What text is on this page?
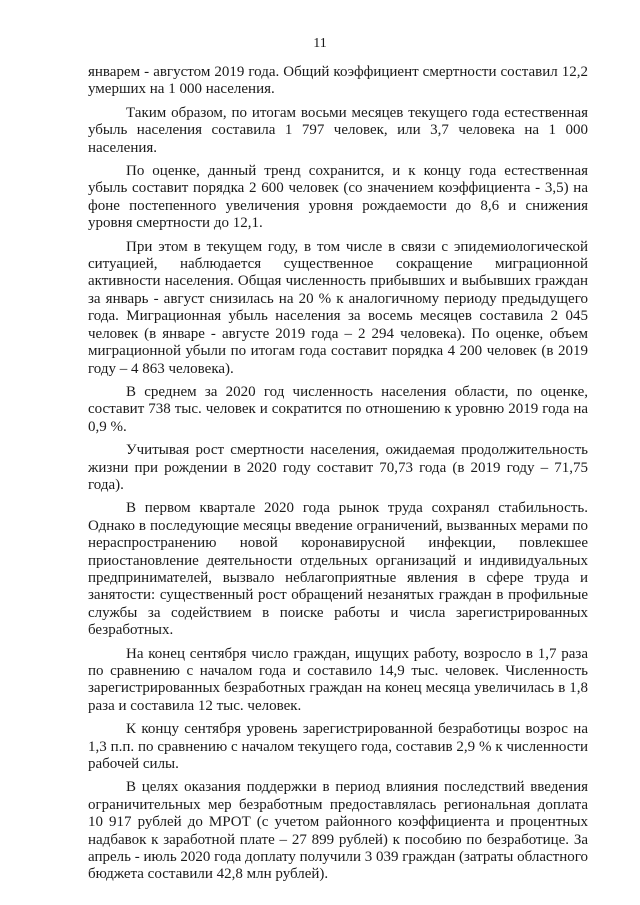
11

январем - августом 2019 года. Общий коэффициент смертности составил 12,2 умерших на 1 000 населения.

Таким образом, по итогам восьми месяцев текущего года естественная убыль населения составила 1 797 человек, или 3,7 человека на 1 000 населения.

По оценке, данный тренд сохранится, и к концу года естественная убыль составит порядка 2 600 человек (со значением коэффициента - 3,5) на фоне постепенного увеличения уровня рождаемости до 8,6 и снижения уровня смертности до 12,1.

При этом в текущем году, в том числе в связи с эпидемиологической ситуацией, наблюдается существенное сокращение миграционной активности населения. Общая численность прибывших и выбывших граждан за январь - август снизилась на 20 % к аналогичному периоду предыдущего года. Миграционная убыль населения за восемь месяцев составила 2 045 человек (в январе - августе 2019 года – 2 294 человека). По оценке, объем миграционной убыли по итогам года составит порядка 4 200 человек (в 2019 году – 4 863 человека).

В среднем за 2020 год численность населения области, по оценке, составит 738 тыс. человек и сократится по отношению к уровню 2019 года на 0,9 %.

Учитывая рост смертности населения, ожидаемая продолжительность жизни при рождении в 2020 году составит 70,73 года (в 2019 году – 71,75 года).

В первом квартале 2020 года рынок труда сохранял стабильность. Однако в последующие месяцы введение ограничений, вызванных мерами по нераспространению новой коронавирусной инфекции, повлекшее приостановление деятельности отдельных организаций и индивидуальных предпринимателей, вызвало неблагоприятные явления в сфере труда и занятости: существенный рост обращений незанятых граждан в профильные службы за содействием в поиске работы и числа зарегистрированных безработных.

На конец сентября число граждан, ищущих работу, возросло в 1,7 раза по сравнению с началом года и составило 14,9 тыс. человек. Численность зарегистрированных безработных граждан на конец месяца увеличилась в 1,8 раза и составила 12 тыс. человек.

К концу сентября уровень зарегистрированной безработицы возрос на 1,3 п.п. по сравнению с началом текущего года, составив 2,9 % к численности рабочей силы.

В целях оказания поддержки в период влияния последствий введения ограничительных мер безработным предоставлялась региональная доплата 10 917 рублей до МРОТ (с учетом районного коэффициента и процентных надбавок к заработной плате – 27 899 рублей) к пособию по безработице. За апрель - июль 2020 года доплату получили 3 039 граждан (затраты областного бюджета составили 42,8 млн рублей).
